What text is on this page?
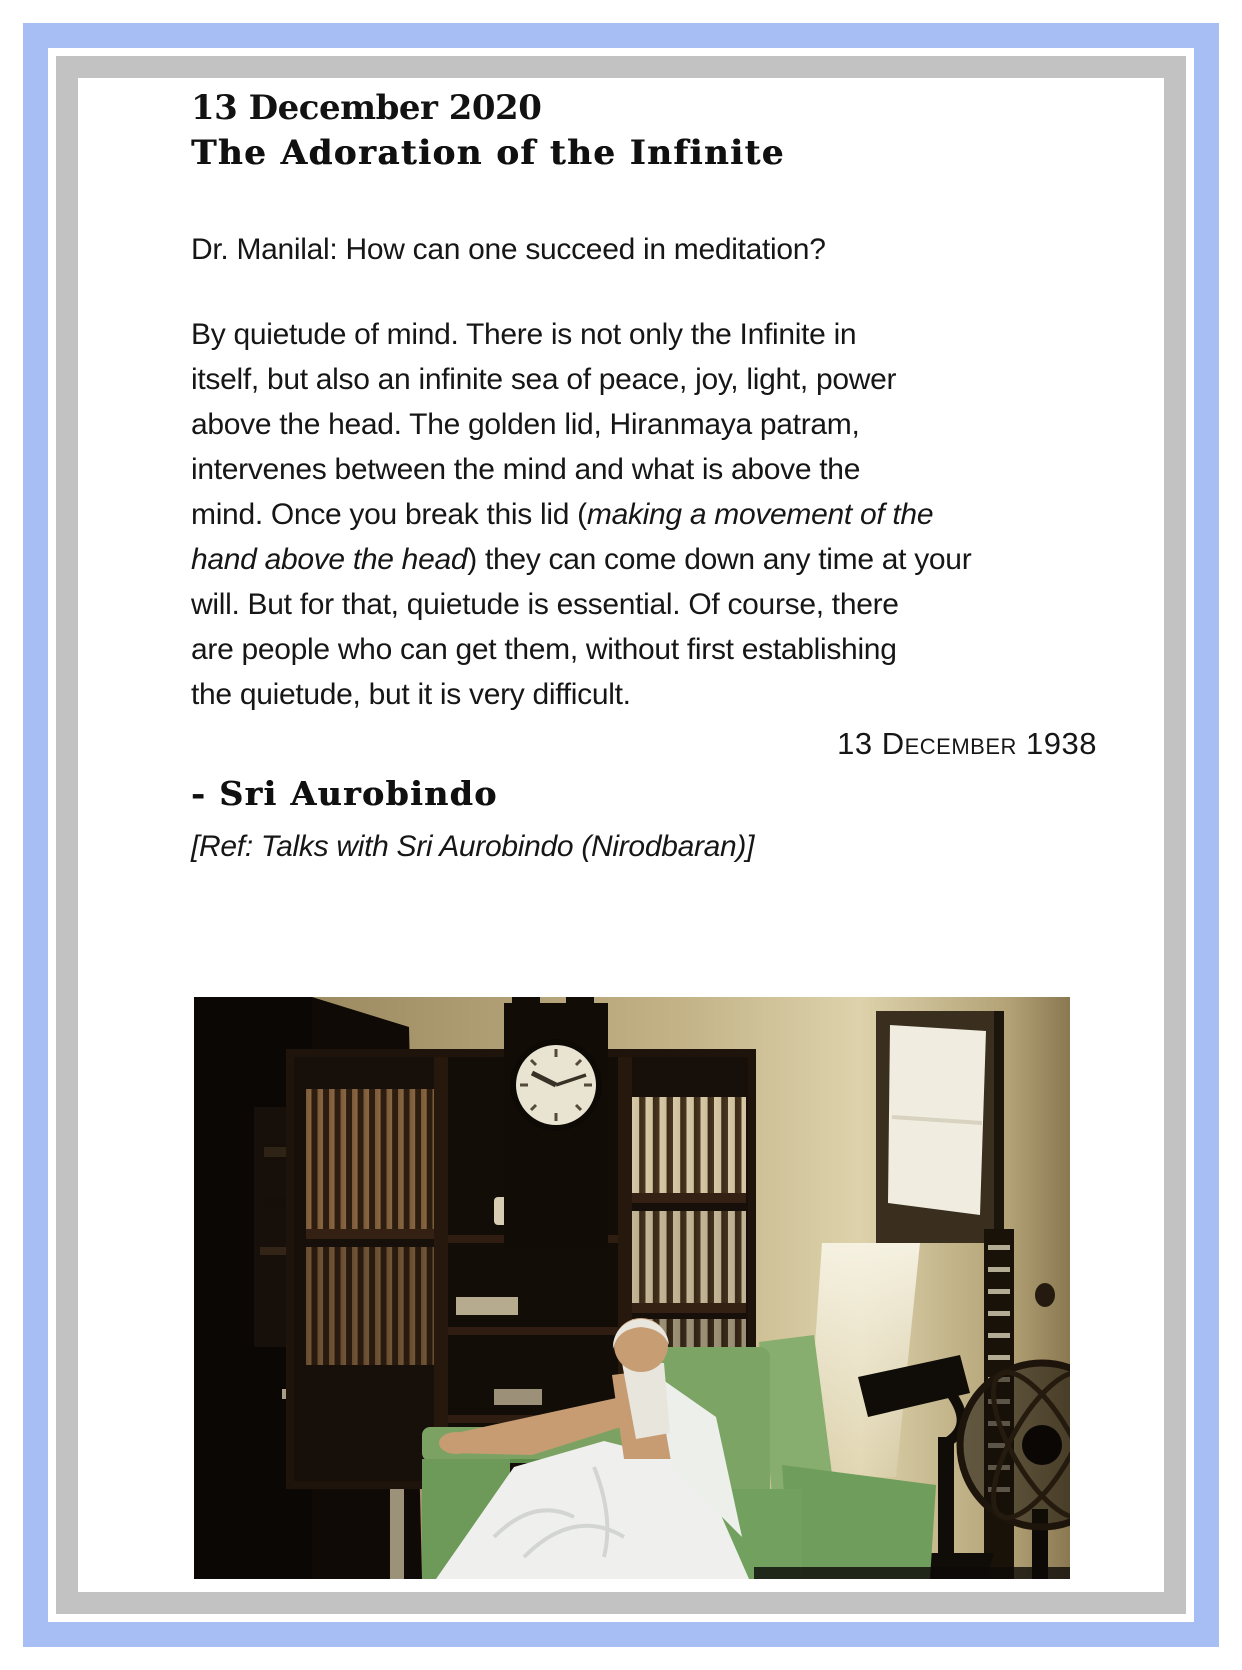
13 December 2020
The Adoration of the Infinite

Dr. Manilal: How can one succeed in meditation?

By quietude of mind. There is not only the Infinite in
itself, but also an infinite sea of peace, joy, light, power
above the head. The golden lid, Hiranmaya patram,
intervenes between the mind and what is above the
mind. Once you break this lid (making a movement of the
hand above the head) they can come down any time at your
will. But for that, quietude is essential. Of course, there
are people who can get them, without first establishing
the quietude, but it is very difficult.

13 December 1938

- Sri Aurobindo

[Ref: Talks with Sri Aurobindo (Nirodbaran)]
